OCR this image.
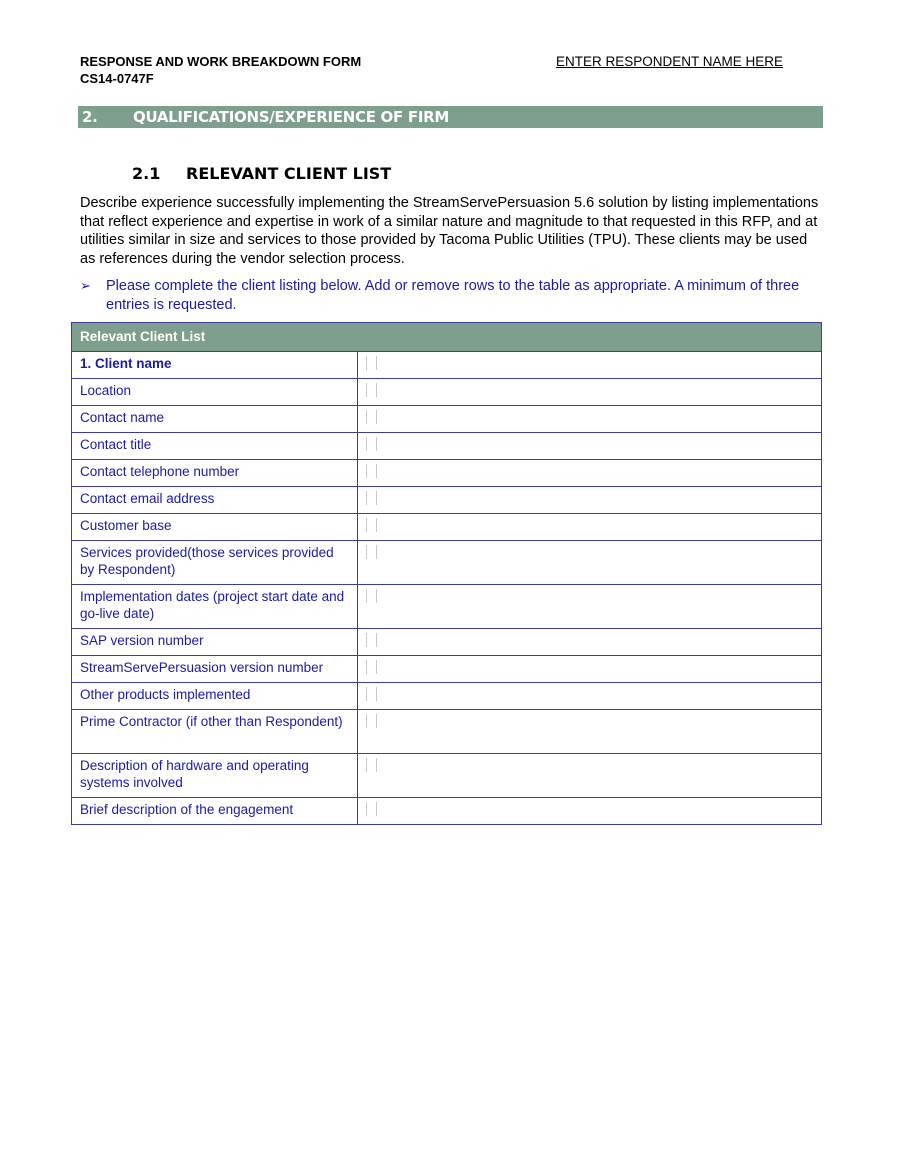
RESPONSE AND WORK BREAKDOWN FORM
CS14-0747F
ENTER RESPONDENT NAME HERE
2. QUALIFICATIONS/EXPERIENCE OF FIRM
2.1 RELEVANT CLIENT LIST

Describe experience successfully implementing the StreamServePersuasion 5.6 solution by listing implementations that reflect experience and expertise in work of a similar nature and magnitude to that requested in this RFP, and at utilities similar in size and services to those provided by Tacoma Public Utilities (TPU). These clients may be used as references during the vendor selection process.

➢ Please complete the client listing below. Add or remove rows to the table as appropriate. A minimum of three entries is requested.
Relevant Client List	
1. Client name	
Location	
Contact name	
Contact title	
Contact telephone number	
Contact email address	
Customer base	
Services provided(those services provided by Respondent)	
Implementation dates (project start date and go-live date)	
SAP version number	
StreamServePersuasion version number	
Other products implemented	
Prime Contractor (if other than Respondent)	
Description of hardware and operating systems involved	
Brief description of the engagement	
